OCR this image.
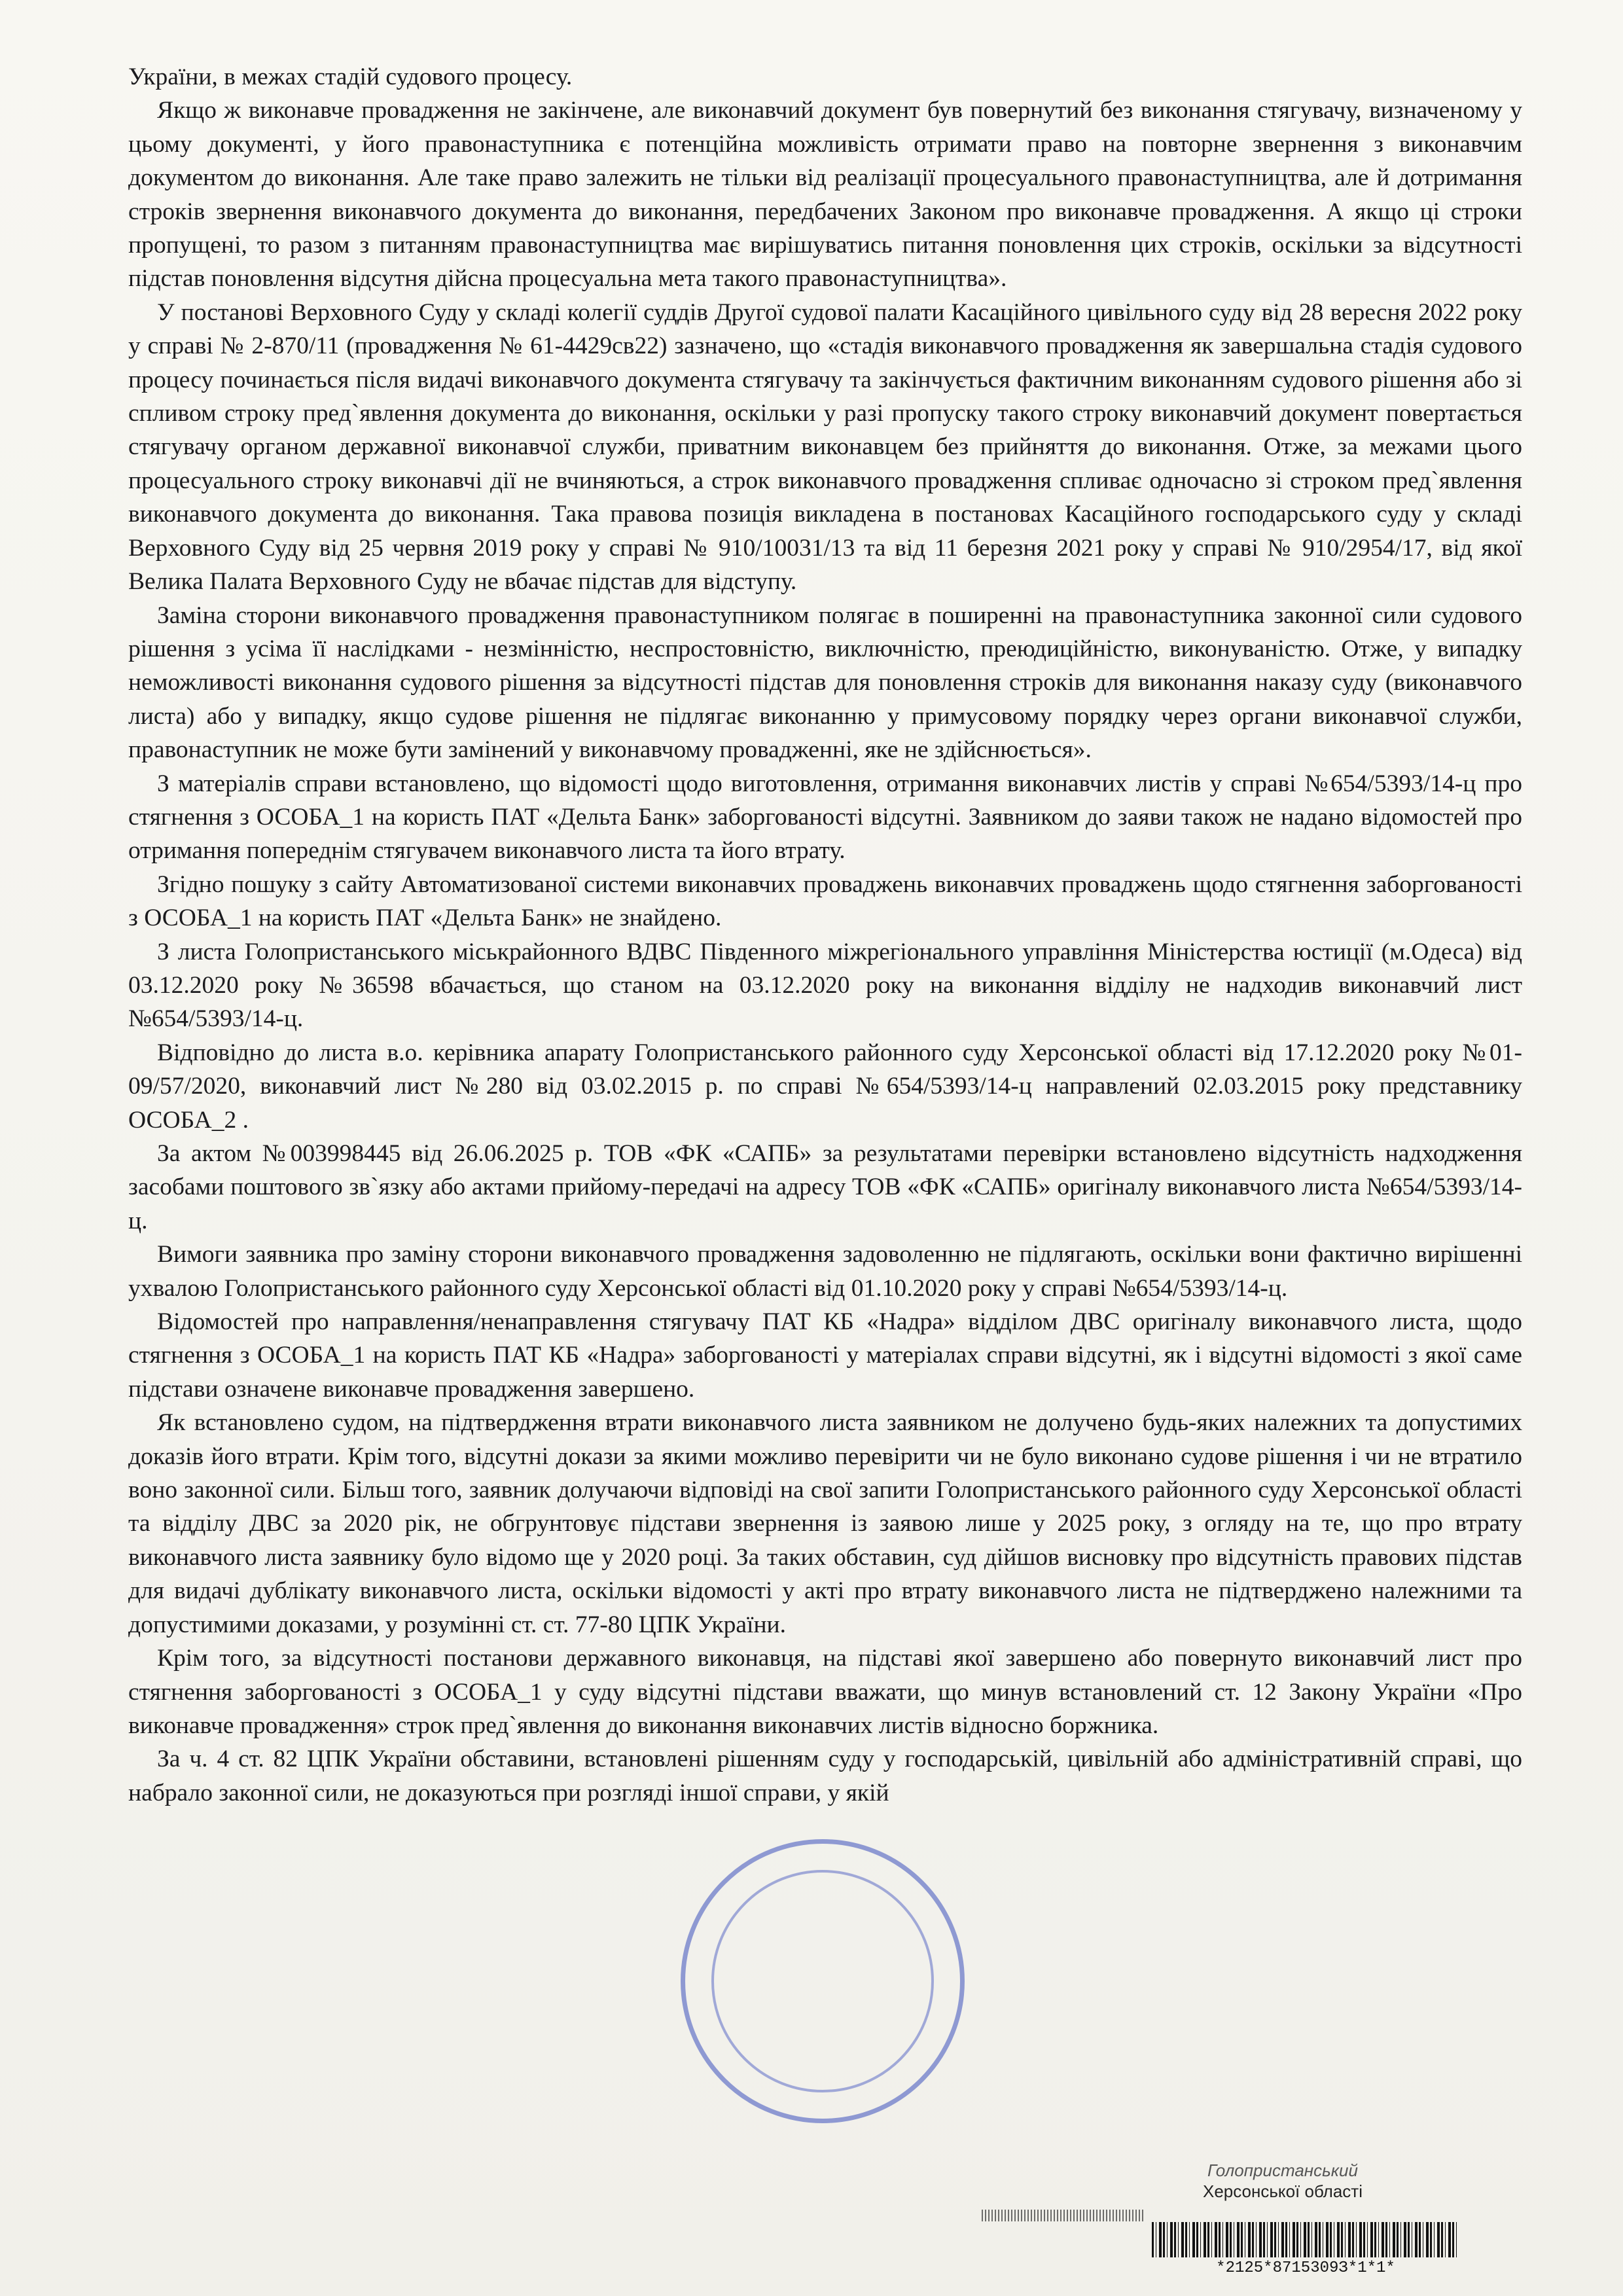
України, в межах стадій судового процесу.

Якщо ж виконавче провадження не закінчене, але виконавчий документ був повернутий без виконання стягувачу, визначеному у цьому документі, у його правонаступника є потенційна можливість отримати право на повторне звернення з виконавчим документом до виконання. Але таке право залежить не тільки від реалізації процесуального правонаступництва, але й дотримання строків звернення виконавчого документа до виконання, передбачених Законом про виконавче провадження. А якщо ці строки пропущені, то разом з питанням правонаступництва має вирішуватись питання поновлення цих строків, оскільки за відсутності підстав поновлення відсутня дійсна процесуальна мета такого правонаступництва».

У постанові Верховного Суду у складі колегії суддів Другої судової палати Касаційного цивільного суду від 28 вересня 2022 року у справі № 2-870/11 (провадження № 61-4429св22) зазначено, що «стадія виконавчого провадження як завершальна стадія судового процесу починається після видачі виконавчого документа стягувачу та закінчується фактичним виконанням судового рішення або зі спливом строку пред`явлення документа до виконання, оскільки у разі пропуску такого строку виконавчий документ повертається стягувачу органом державної виконавчої служби, приватним виконавцем без прийняття до виконання. Отже, за межами цього процесуального строку виконавчі дії не вчиняються, а строк виконавчого провадження спливає одночасно зі строком пред`явлення виконавчого документа до виконання. Така правова позиція викладена в постановах Касаційного господарського суду у складі Верховного Суду від 25 червня 2019 року у справі № 910/10031/13 та від 11 березня 2021 року у справі № 910/2954/17, від якої Велика Палата Верховного Суду не вбачає підстав для відступу.

Заміна сторони виконавчого провадження правонаступником полягає в поширенні на правонаступника законної сили судового рішення з усіма її наслідками - незмінністю, неспростовністю, виключністю, преюдиційністю, виконуваністю. Отже, у випадку неможливості виконання судового рішення за відсутності підстав для поновлення строків для виконання наказу суду (виконавчого листа) або у випадку, якщо судове рішення не підлягає виконанню у примусовому порядку через органи виконавчої служби, правонаступник не може бути замінений у виконавчому провадженні, яке не здійснюється».

З матеріалів справи встановлено, що відомості щодо виготовлення, отримання виконавчих листів у справі №654/5393/14-ц про стягнення з ОСОБА_1 на користь ПАТ «Дельта Банк» заборгованості відсутні. Заявником до заяви також не надано відомостей про отримання попереднім стягувачем виконавчого листа та його втрату.

Згідно пошуку з сайту Автоматизованої системи виконавчих проваджень виконавчих проваджень щодо стягнення заборгованості з ОСОБА_1 на користь ПАТ «Дельта Банк» не знайдено.

З листа Голопристанського міськрайонного ВДВС Південного міжрегіонального управління Міністерства юстиції (м.Одеса) від 03.12.2020 року №36598 вбачається, що станом на 03.12.2020 року на виконання відділу не надходив виконавчий лист №654/5393/14-ц.

Відповідно до листа в.о. керівника апарату Голопристанського районного суду Херсонської області від 17.12.2020 року №01-09/57/2020, виконавчий лист №280 від 03.02.2015 р. по справі №654/5393/14-ц направлений 02.03.2015 року представнику ОСОБА_2 .

За актом №003998445 від 26.06.2025 р. ТОВ «ФК «САПБ» за результатами перевірки встановлено відсутність надходження засобами поштового зв`язку або актами прийому-передачі на адресу ТОВ «ФК «САПБ» оригіналу виконавчого листа №654/5393/14-ц.

Вимоги заявника про заміну сторони виконавчого провадження задоволенню не підлягають, оскільки вони фактично вирішенні ухвалою Голопристанського районного суду Херсонської області від 01.10.2020 року у справі №654/5393/14-ц.

Відомостей про направлення/ненаправлення стягувачу ПАТ КБ «Надра» відділом ДВС оригіналу виконавчого листа, щодо стягнення з ОСОБА_1 на користь ПАТ КБ «Надра» заборгованості у матеріалах справи відсутні, як і відсутні відомості з якої саме підстави означене виконавче провадження завершено.

Як встановлено судом, на підтвердження втрати виконавчого листа заявником не долучено будь-яких належних та допустимих доказів його втрати. Крім того, відсутні докази за якими можливо перевірити чи не було виконано судове рішення і чи не втратило воно законної сили. Більш того, заявник долучаючи відповіді на свої запити Голопристанського районного суду Херсонської області та відділу ДВС за 2020 рік, не обгрунтовує підстави звернення із заявою лише у 2025 року, з огляду на те, що про втрату виконавчого листа заявнику було відомо ще у 2020 році. За таких обставин, суд дійшов висновку про відсутність правових підстав для видачі дублікату виконавчого листа, оскільки відомості у акті про втрату виконавчого листа не підтверджено належними та допустимими доказами, у розумінні ст. ст. 77-80 ЦПК України.

Крім того, за відсутності постанови державного виконавця, на підставі якої завершено або повернуто виконавчий лист про стягнення заборгованості з ОСОБА_1 у суду відсутні підстави вважати, що минув встановлений ст. 12 Закону України «Про виконавче провадження» строк пред`явлення до виконання виконавчих листів відносно боржника.

За ч. 4 ст. 82 ЦПК України обставини, встановлені рішенням суду у господарській, цивільній або адміністративній справі, що набрало законної сили, не доказуються при розгляді іншої справи, у якій

Голопристанський
Херсонської області
*2125*8715309З*1*1*
